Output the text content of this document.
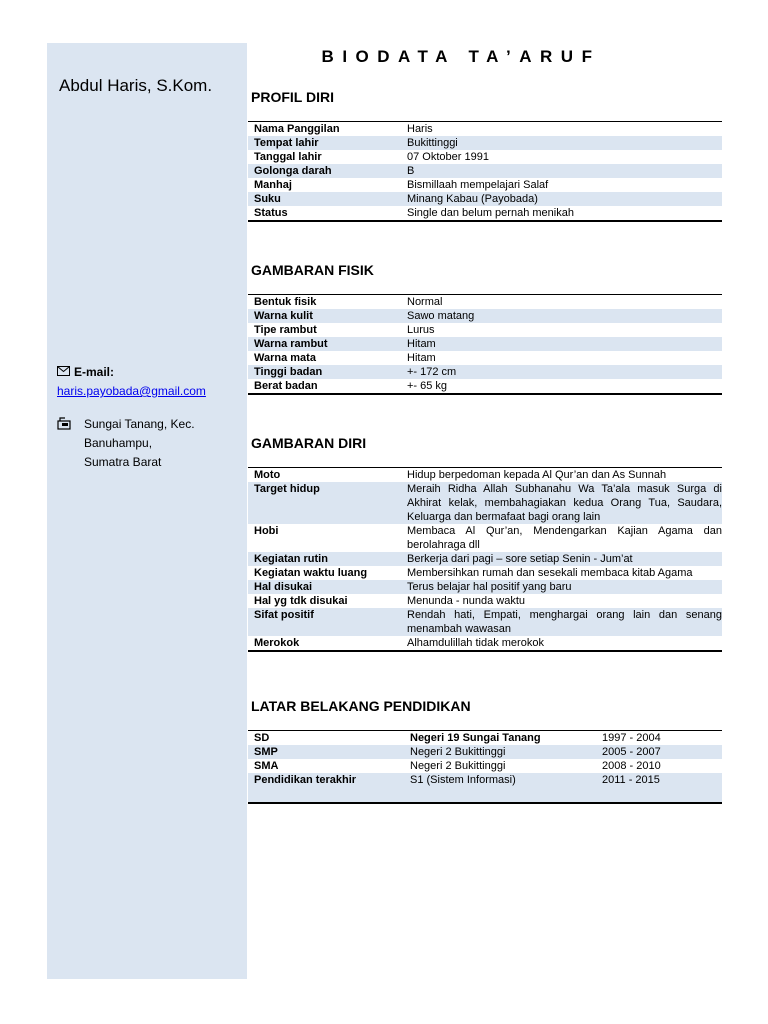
Abdul Haris, S.Kom.
E-mail:
haris.payobada@gmail.com
Sungai Tanang, Kec.
Banuhampu,
Sumatra Barat
BIODATA TA’ARUF
PROFIL DIRI
Nama Panggilan	Haris
Tempat lahir	Bukittinggi
Tanggal lahir	07 Oktober 1991
Golonga darah	B
Manhaj	Bismillaah mempelajari Salaf
Suku	Minang Kabau (Payobada)
Status	Single dan belum pernah menikah
GAMBARAN FISIK
Bentuk fisik	Normal
Warna kulit	Sawo matang
Tipe rambut	Lurus
Warna rambut	Hitam
Warna mata	Hitam
Tinggi badan	+- 172 cm
Berat badan	+- 65 kg
GAMBARAN DIRI
Moto	Hidup berpedoman kepada Al Qur’an dan As Sunnah
Target hidup	Meraih Ridha Allah Subhanahu Wa Ta’ala masuk Surga di Akhirat kelak, membahagiakan kedua Orang Tua, Saudara, Keluarga dan bermafaat bagi orang lain
Hobi	Membaca Al Qur’an, Mendengarkan Kajian Agama dan berolahraga dll
Kegiatan rutin	Berkerja dari pagi – sore setiap Senin - Jum’at
Kegiatan waktu luang	Membersihkan rumah dan sesekali membaca kitab Agama
Hal disukai	Terus belajar hal positif yang baru
Hal yg tdk disukai	Menunda - nunda waktu
Sifat positif	Rendah hati, Empati, menghargai orang lain dan senang menambah wawasan
Merokok	Alhamdulillah tidak merokok
LATAR BELAKANG PENDIDIKAN
SD	Negeri 19 Sungai Tanang	1997 - 2004
SMP	Negeri 2 Bukittinggi	2005 - 2007
SMA	Negeri 2 Bukittinggi	2008 - 2010
Pendidikan terakhir	S1 (Sistem Informasi)	2011 - 2015
